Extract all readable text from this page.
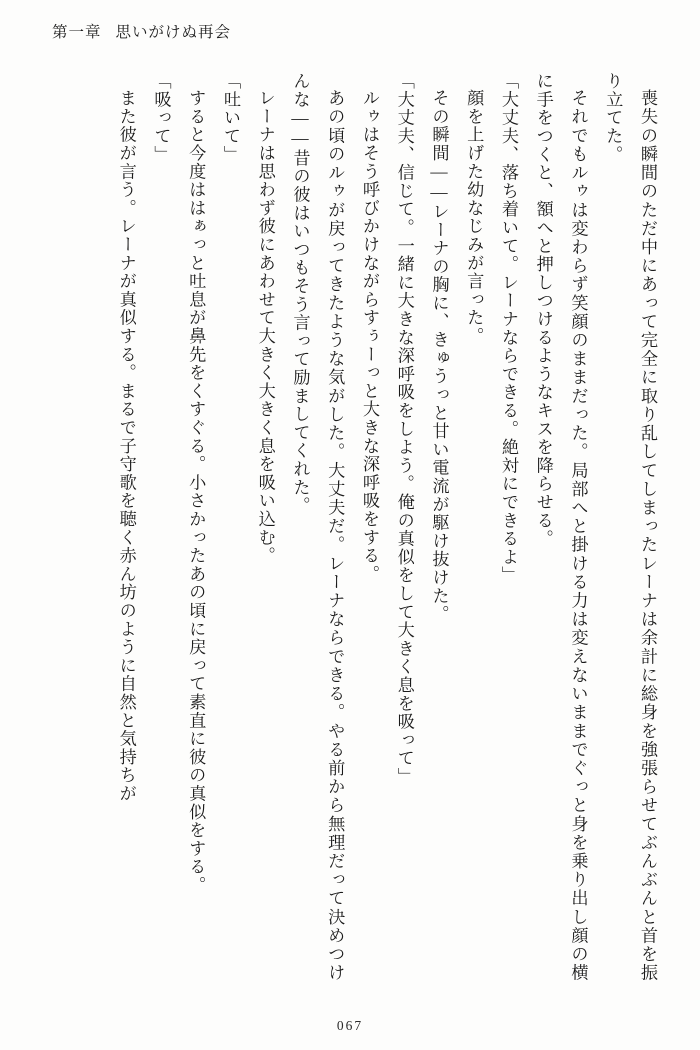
第一章 思いがけぬ再会

喪失の瞬間のただ中にあって完全に取り乱してしまったレーナは余計に総身を強張らせてぶんぶんと首を振り立てた。

それでもルゥは変わらず笑顔のままだった。局部へと掛ける力は変えないままでぐっと身を乗り出し顔の横に手をつくと、額へと押しつけるようなキスを降らせる。

「大丈夫、落ち着いて。レーナならできる。絶対にできるよ」

顔を上げた幼なじみが言った。

その瞬間――レーナの胸に、きゅうっと甘い電流が駆け抜けた。

「大丈夫、信じて。一緒に大きな深呼吸をしよう。俺の真似をして大きく息を吸って」

ルゥはそう呼びかけながらすぅーっと大きな深呼吸をする。

あの頃のルゥが戻ってきたような気がした。大丈夫だ。レーナならできる。やる前から無理だって決めつけんな――昔の彼はいつもそう言って励ましてくれた。

レーナは思わず彼にあわせて大きく大きく息を吸い込む。

「吐いて」

すると今度ははぁっと吐息が鼻先をくすぐる。小さかったあの頃に戻って素直に彼の真似をする。

「吸って」

また彼が言う。レーナが真似する。まるで子守歌を聴く赤ん坊のように自然と気持ちが

067
